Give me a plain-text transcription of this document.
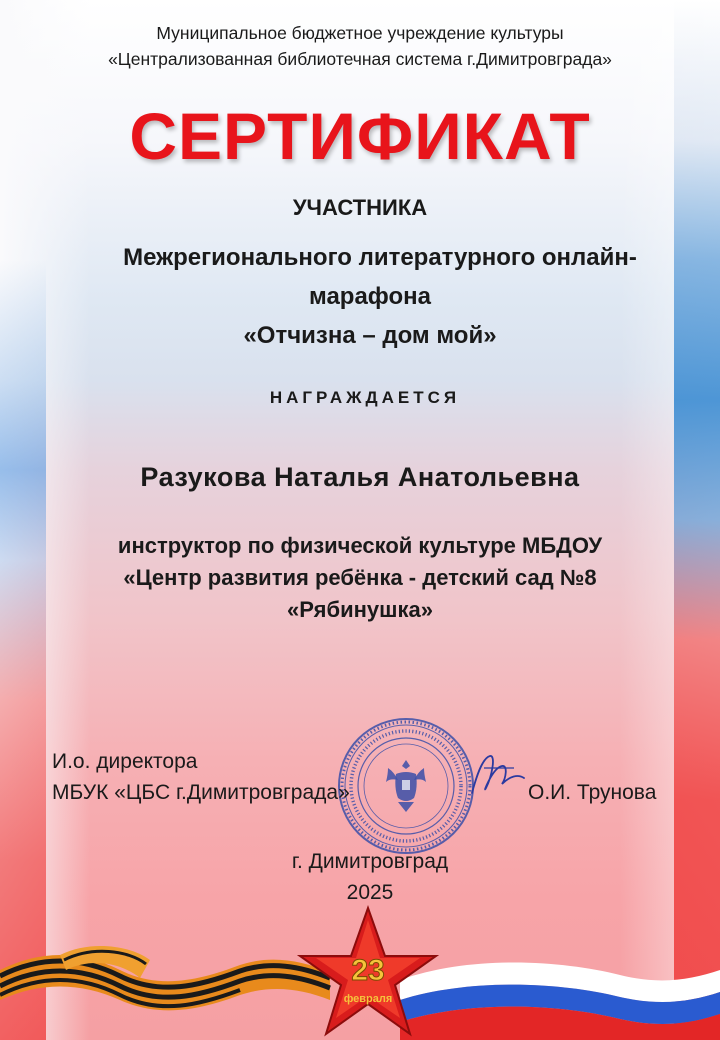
Муниципальное бюджетное учреждение культуры
«Централизованная библиотечная система г.Димитровграда»
СЕРТИФИКАТ
УЧАСТНИКА
Межрегионального литературного онлайн-
марафона
«Отчизна – дом мой»
НАГРАЖДАЕТСЯ
Разукова Наталья Анатольевна
инструктор по физической культуре МБДОУ
«Центр развития ребёнка - детский сад №8
«Рябинушка»
И.о. директора
МБУК «ЦБС г.Димитровграда»	О.И. Трунова
г. Димитровград
2025
23
февраля
